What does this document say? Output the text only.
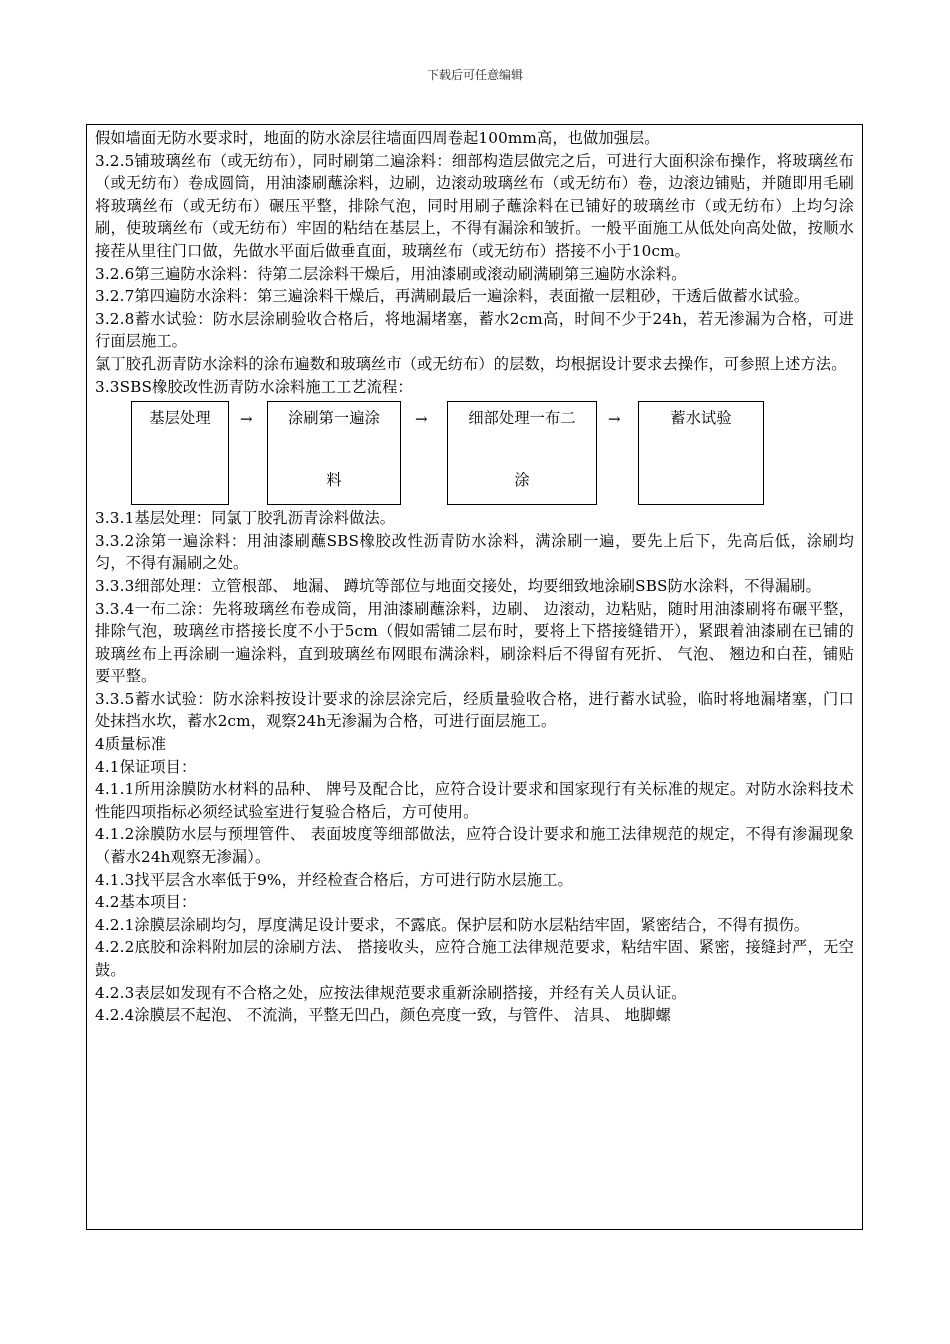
下载后可任意编辑

假如墙面无防水要求时，地面的防水涂层往墙面四周卷起100mm高，也做加强层。

3.2.5铺玻璃丝布（或无纺布），同时刷第二遍涂料：细部构造层做完之后，可进行大面积涂布操作，将玻璃丝布（或无纺布）卷成圆筒，用油漆刷蘸涂料，边刷，边滚动玻璃丝布（或无纺布）卷，边滚边铺贴，并随即用毛刷将玻璃丝布（或无纺布）碾压平整，排除气泡，同时用刷子蘸涂料在已铺好的玻璃丝市（或无纺布）上均匀涂刷，使玻璃丝布（或无纺布）牢固的粘结在基层上，不得有漏涂和皱折。一般平面施工从低处向高处做，按顺水接茬从里往门口做，先做水平面后做垂直面，玻璃丝布（或无纺布）搭接不小于10cm。

3.2.6第三遍防水涂料：待第二层涂料干燥后，用油漆刷或滚动刷满刷第三遍防水涂料。

3.2.7第四遍防水涂料：第三遍涂料干燥后，再满刷最后一遍涂料，表面撤一层粗砂，干透后做蓄水试验。

3.2.8蓄水试验：防水层涂刷验收合格后，将地漏堵塞，蓄水2cm高，时间不少于24h，若无渗漏为合格，可进行面层施工。

氯丁胶孔沥青防水涂料的涂布遍数和玻璃丝市（或无纺布）的层数，均根据设计要求去操作，可参照上述方法。

3.3SBS橡胶改性沥青防水涂料施工工艺流程：

基层处理 → 涂刷第一遍涂
料
→	细部处理一布二
涂
→	蓄水试验

3.3.1基层处理：同氯丁胶乳沥青涂料做法。

3.3.2涂第一遍涂料：用油漆刷蘸SBS橡胶改性沥青防水涂料，满涂刷一遍，要先上后下，先高后低，涂刷均匀，不得有漏刷之处。

3.3.3细部处理：立管根部、 地漏、 蹲坑等部位与地面交接处，均要细致地涂刷SBS防水涂料，不得漏刷。

3.3.4一布二涂：先将玻璃丝布卷成筒，用油漆刷蘸涂料，边刷、 边滚动，边粘贴，随时用油漆刷将布碾平整，排除气泡，玻璃丝市搭接长度不小于5cm（假如需铺二层布时，要将上下搭接缝错开），紧跟着油漆刷在已铺的玻璃丝布上再涂刷一遍涂料，直到玻璃丝布网眼布满涂料，刷涂料后不得留有死折、 气泡、 翘边和白茬，铺贴要平整。

3.3.5蓄水试验：防水涂料按设计要求的涂层涂完后，经质量验收合格，进行蓄水试验，临时将地漏堵塞，门口处抹挡水坎，蓄水2cm，观察24h无渗漏为合格，可进行面层施工。

4质量标准

4.1保证项目：

4.1.1所用涂膜防水材料的品种、 牌号及配合比，应符合设计要求和国家现行有关标准的规定。对防水涂料技术性能四项指标必须经试验室进行复验合格后，方可使用。

4.1.2涂膜防水层与预埋管件、 表面坡度等细部做法，应符合设计要求和施工法律规范的规定，不得有渗漏现象（蓄水24h观察无渗漏）。

4.1.3找平层含水率低于9%，并经检查合格后，方可进行防水层施工。

4.2基本项目：

4.2.1涂膜层涂刷均匀，厚度满足设计要求，不露底。保护层和防水层粘结牢固，紧密结合，不得有损伤。

4.2.2底胶和涂料附加层的涂刷方法、 搭接收头，应符合施工法律规范要求，粘结牢固、紧密，接缝封严，无空鼓。

4.2.3表层如发现有不合格之处，应按法律规范要求重新涂刷搭接，并经有关人员认证。

4.2.4涂膜层不起泡、 不流淌，平整无凹凸，颜色亮度一致，与管件、 洁具、 地脚螺
